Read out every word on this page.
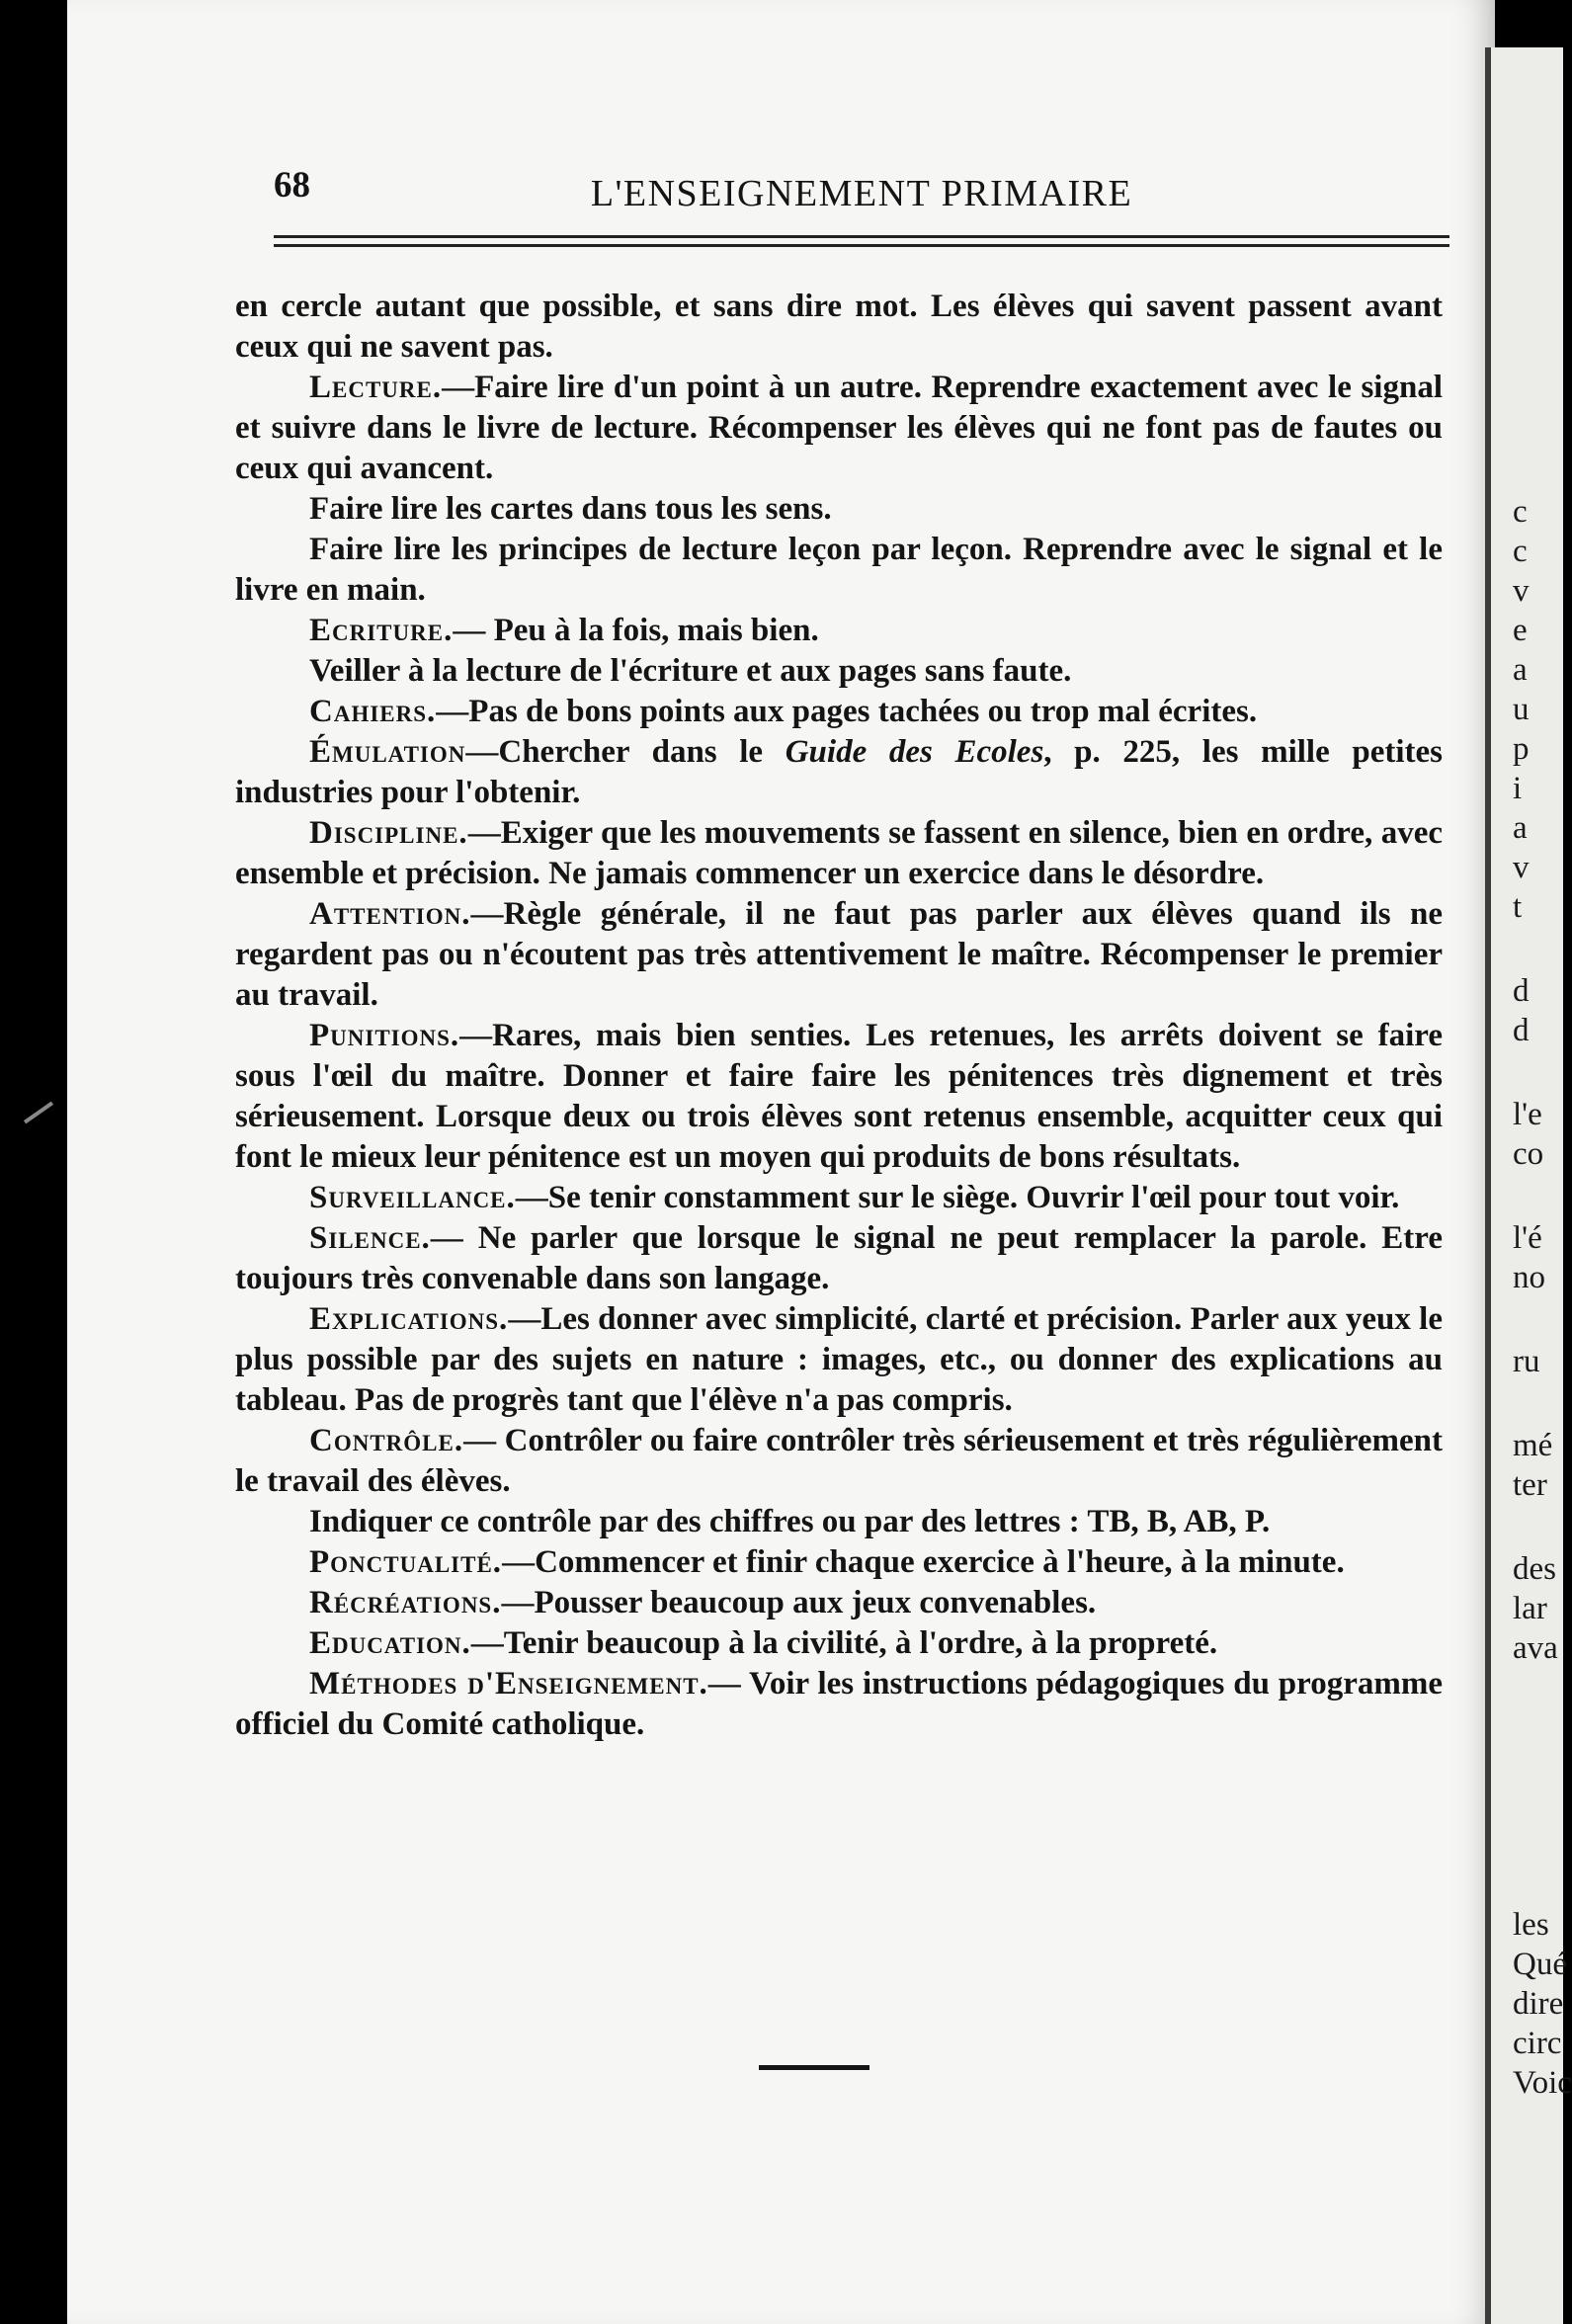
c
c
v
e
a
u
p
i
a
v
t
d
d
l'e
co
l'é
no
ru
mé
ter
des
lar
ava
les
Qué
dire
circ
Voic
68	L'ENSEIGNEMENT PRIMAIRE

en cercle autant que possible, et sans dire mot. Les élèves qui savent passent avant ceux qui ne savent pas.

Lecture.—Faire lire d'un point à un autre. Reprendre exactement avec le signal et suivre dans le livre de lecture. Récompenser les élèves qui ne font pas de fautes ou ceux qui avancent.

Faire lire les cartes dans tous les sens.

Faire lire les principes de lecture leçon par leçon. Reprendre avec le signal et le livre en main.

Ecriture.— Peu à la fois, mais bien.

Veiller à la lecture de l'écriture et aux pages sans faute.

Cahiers.—Pas de bons points aux pages tachées ou trop mal écrites.

Émulation—Chercher dans le Guide des Ecoles, p. 225, les mille petites industries pour l'obtenir.

Discipline.—Exiger que les mouvements se fassent en silence, bien en ordre, avec ensemble et précision. Ne jamais commencer un exercice dans le désordre.

Attention.—Règle générale, il ne faut pas parler aux élèves quand ils ne regardent pas ou n'écoutent pas très attentivement le maître. Récompenser le premier au travail.

Punitions.—Rares, mais bien senties. Les retenues, les arrêts doivent se faire sous l'œil du maître. Donner et faire faire les pénitences très dignement et très sérieusement. Lorsque deux ou trois élèves sont retenus ensemble, acquitter ceux qui font le mieux leur pénitence est un moyen qui produits de bons résultats.

Surveillance.—Se tenir constamment sur le siège. Ouvrir l'œil pour tout voir.

Silence.— Ne parler que lorsque le signal ne peut remplacer la parole. Etre toujours très convenable dans son langage.

Explications.—Les donner avec simplicité, clarté et précision. Parler aux yeux le plus possible par des sujets en nature : images, etc., ou donner des explications au tableau. Pas de progrès tant que l'élève n'a pas compris.

Contrôle.— Contrôler ou faire contrôler très sérieusement et très régulièrement le travail des élèves.

Indiquer ce contrôle par des chiffres ou par des lettres : TB, B, AB, P.

Ponctualité.—Commencer et finir chaque exercice à l'heure, à la minute.

Récréations.—Pousser beaucoup aux jeux convenables.

Education.—Tenir beaucoup à la civilité, à l'ordre, à la propreté.

Méthodes d'Enseignement.— Voir les instructions pédagogiques du programme officiel du Comité catholique.
